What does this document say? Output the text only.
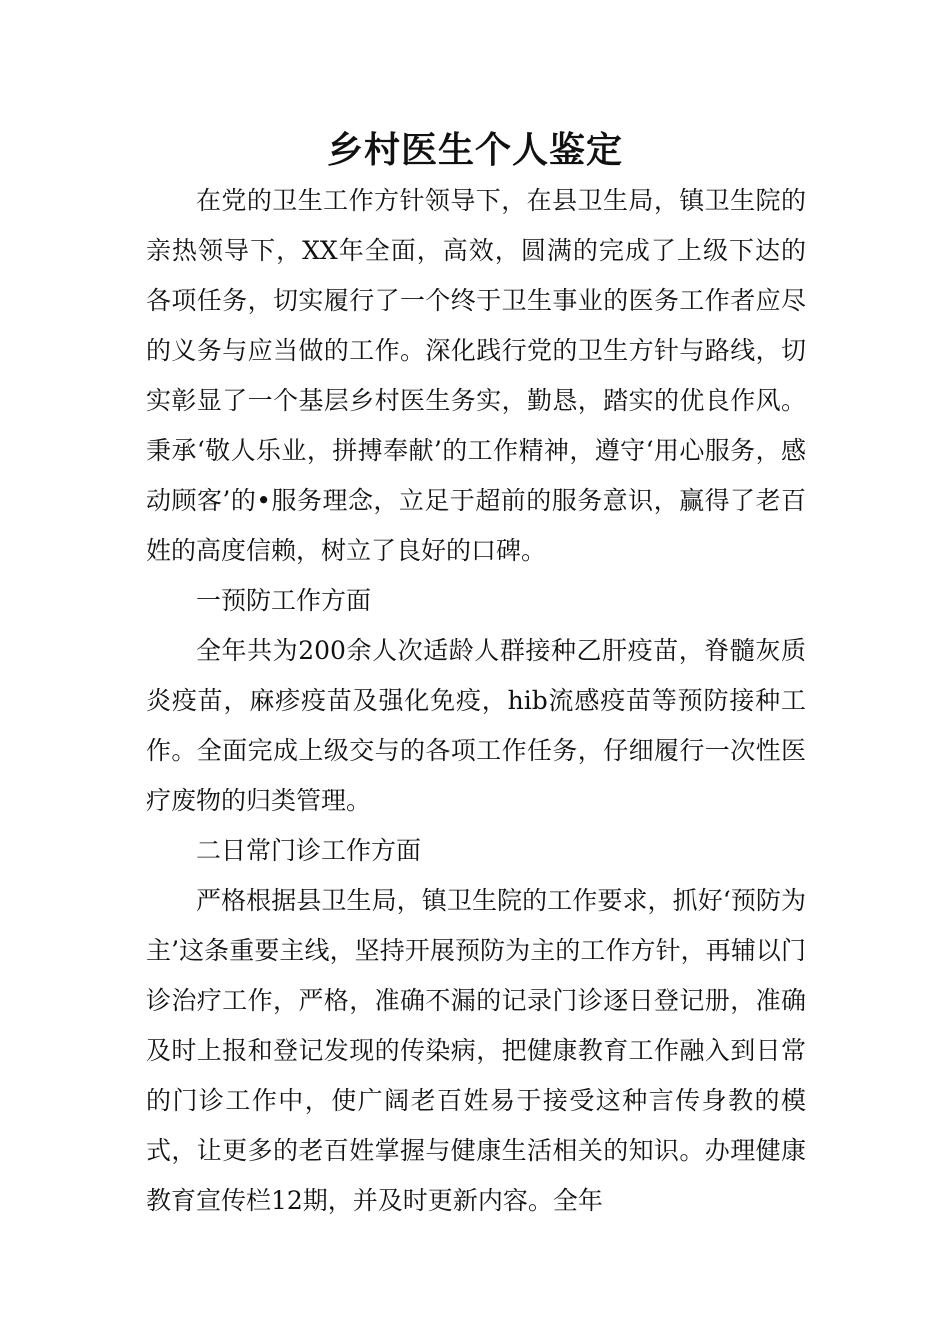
乡村医生个人鉴定

在党的卫生工作方针领导下，在县卫生局，镇卫生院的亲热领导下，XX年全面，高效，圆满的完成了上级下达的各项任务，切实履行了一个终于卫生事业的医务工作者应尽的义务与应当做的工作。深化践行党的卫生方针与路线，切实彰显了一个基层乡村医生务实，勤恳，踏实的优良作风。秉承‘敬人乐业，拼搏奉献’的工作精神，遵守‘用心服务，感动顾客’的•服务理念，立足于超前的服务意识，赢得了老百姓的高度信赖，树立了良好的口碑。

一预防工作方面

全年共为200余人次适龄人群接种乙肝疫苗，脊髓灰质炎疫苗，麻疹疫苗及强化免疫，hib流感疫苗等预防接种工作。全面完成上级交与的各项工作任务，仔细履行一次性医疗废物的归类管理。

二日常门诊工作方面

严格根据县卫生局，镇卫生院的工作要求，抓好‘预防为主’这条重要主线，坚持开展预防为主的工作方针，再辅以门诊治疗工作，严格，准确不漏的记录门诊逐日登记册，准确及时上报和登记发现的传染病，把健康教育工作融入到日常的门诊工作中，使广阔老百姓易于接受这种言传身教的模式，让更多的老百姓掌握与健康生活相关的知识。办理健康教育宣传栏12期，并及时更新内容。全年
